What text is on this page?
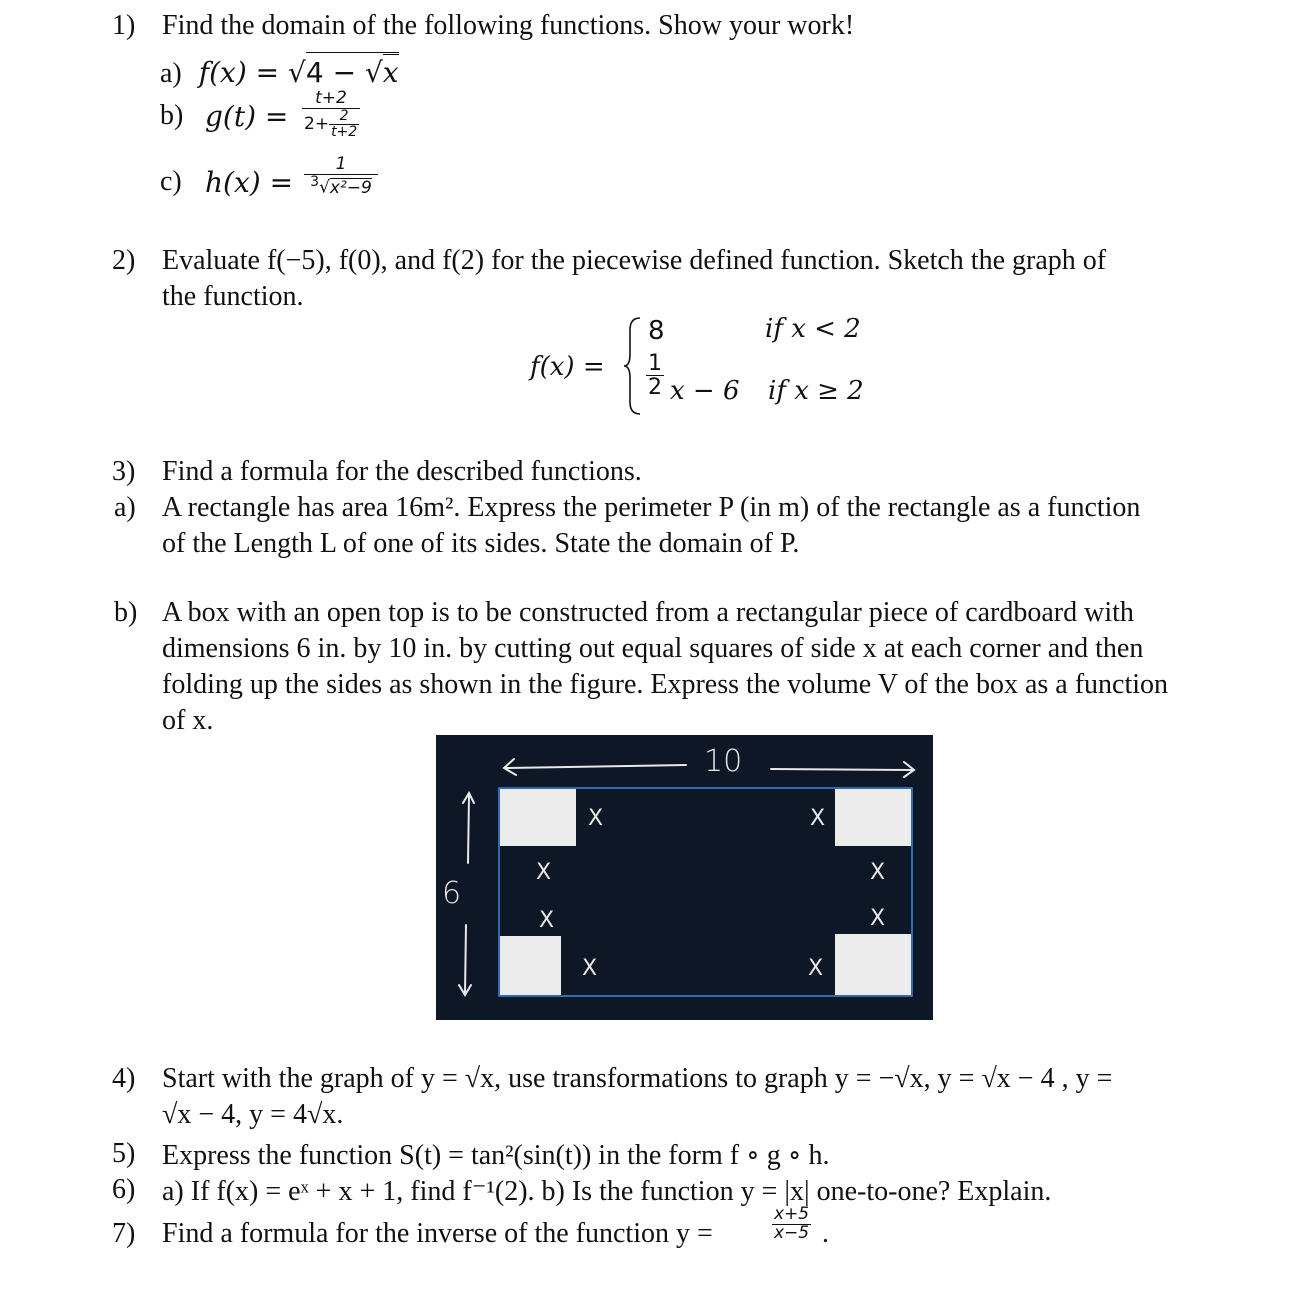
1) Find the domain of the following functions. Show your work!
a) f(x) = √4 − √x
b) $g(t) = \frac{t+2}{2+ \frac{2}{t+2}}$
c) $h(x) = \frac{1}{^3√x^2-9}$
2) Evaluate f(−5), f(0), and f(2) for the piecewise defined function. Sketch the graph of
the function.
f(x) =
8	if x < 2
$\frac{1}{2}$ x − 6 if x ≥ 2
3) Find a formula for the described functions.
a) A rectangle has area 16m². Express the perimeter P (in m) of the rectangle as a function
of the Length L of one of its sides. State the domain of P.
b) A box with an open top is to be constructed from a rectangular piece of cardboard with
dimensions 6 in. by 10 in. by cutting out equal squares of side x at each corner and then
folding up the sides as shown in the figure. Express the volume V of the box as a function
of x.
10
6
X
X
X
X
X
X
X
X
4) Start with the graph of y = √x, use transformations to graph y = −√x, y = √x − 4 , y =
√x − 4, y = 4√x.
5) Express the function S(t) = tan²(sin(t)) in the form f ∘ g ∘ h.
6) a) If f(x) = eˣ + x + 1, find f⁻¹(2). b) Is the function y = |x| one-to-one? Explain.
7) Find a formula for the inverse of the function y =	$\frac{x+5}{x-5}$ .
